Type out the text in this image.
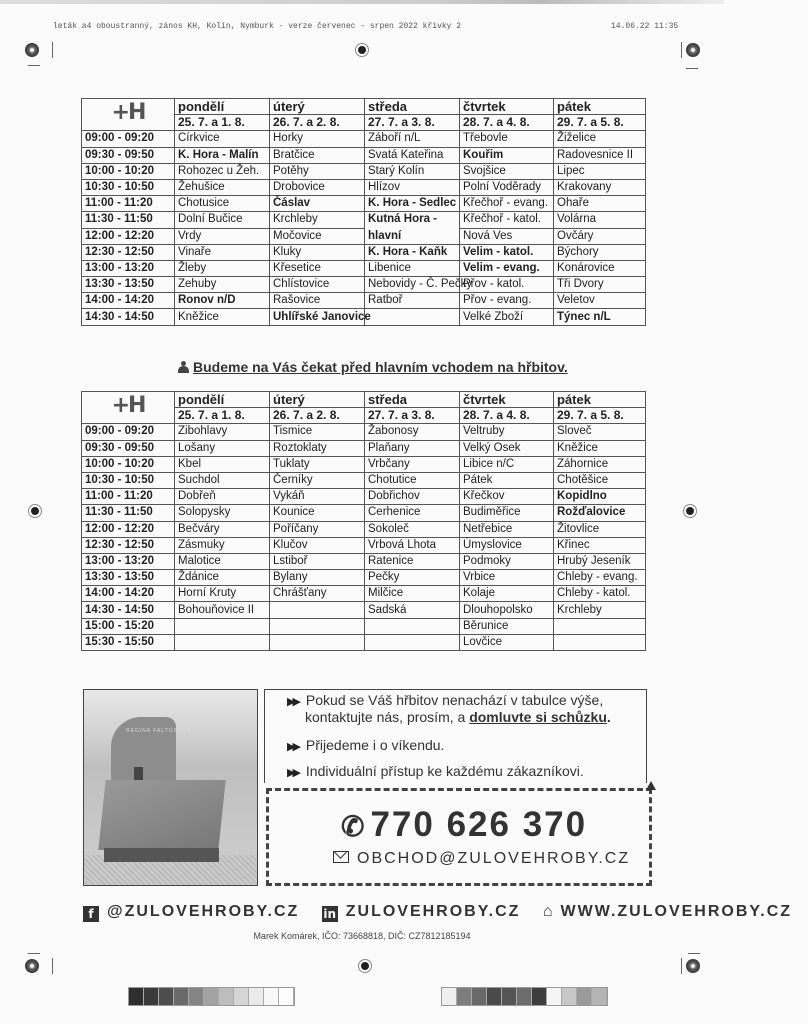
leták a4 oboustranný, zános KH, Kolín, Nymburk - verze červenec - srpen 2022 křivky 2	14.06.22 11:35
+H	pondělí	úterý	středa	čtvrtek	pátek
25. 7. a 1. 8.	26. 7. a 2. 8.	27. 7. a 3. 8.	28. 7. a 4. 8.	29. 7. a 5. 8.
09:00 - 09:20	Církvice	Horky	Záboří n/L	Třebovle	Žiželice
09:30 - 09:50	K. Hora - Malín	Bratčice	Svatá Kateřina	Kouřim	Radovesnice II
10:00 - 10:20	Rohozec u Žeh.	Potěhy	Starý Kolín	Svojšice	Lipec
10:30 - 10:50	Žehušice	Drobovice	Hlízov	Polní Voděrady	Krakovany
11:00 - 11:20	Chotusice	Čáslav	K. Hora - Sedlec	Křečhoř - evang.	Ohaře
11:30 - 11:50	Dolní Bučice	Krchleby	Kutná Hora -	Křečhoř - katol.	Volárna
12:00 - 12:20	Vrdy	Močovice	hlavní	Nová Ves	Ovčáry
12:30 - 12:50	Vinaře	Kluky	K. Hora - Kaňk	Velim - katol.	Býchory
13:00 - 13:20	Žleby	Křesetice	Libenice	Velim - evang.	Konárovice
13:30 - 13:50	Zehuby	Chlístovice	Nebovidy - Č. Pečky	Přov - katol.	Tři Dvory
14:00 - 14:20	Ronov n/D	Rašovice	Ratboř	Přov - evang.	Veletov
14:30 - 14:50	Kněžice	Uhlířské Janovice		Velké Zboží	Týnec n/L
Budeme na Vás čekat před hlavním vchodem na hřbitov.
+H	pondělí	úterý	středa	čtvrtek	pátek
25. 7. a 1. 8.	26. 7. a 2. 8.	27. 7. a 3. 8.	28. 7. a 4. 8.	29. 7. a 5. 8.
09:00 - 09:20	Zibohlavy	Tismice	Žabonosy	Veltruby	Sloveč
09:30 - 09:50	Lošany	Roztoklaty	Plaňany	Velký Osek	Kněžice
10:00 - 10:20	Kbel	Tuklaty	Vrbčany	Libice n/C	Záhornice
10:30 - 10:50	Suchdol	Černíky	Chotutice	Pátek	Chotěšice
11:00 - 11:20	Dobřeň	Vykáň	Dobřichov	Křečkov	Kopidlno
11:30 - 11:50	Solopysky	Kounice	Cerhenice	Budiměřice	Rožďalovice
12:00 - 12:20	Bečváry	Poříčany	Sokoleč	Netřebice	Žitovlice
12:30 - 12:50	Zásmuky	Klučov	Vrbová Lhota	Úmyslovice	Křinec
13:00 - 13:20	Malotice	Lstiboř	Ratenice	Podmoky	Hrubý Jeseník
13:30 - 13:50	Ždánice	Bylany	Pečky	Vrbice	Chleby - evang.
14:00 - 14:20	Horní Kruty	Chrášťany	Milčice	Kolaje	Chleby - katol.
14:30 - 14:50	Bohouňovice II		Sadská	Dlouhopolsko	Krchleby
15:00 - 15:20				Běrunice	
15:30 - 15:50				Lovčice	
REGINA FALTUSOVÁ
▶▶ Pokud se Váš hřbitov nenachází v tabulce výše,
kontaktujte nás, prosím, a domluvte si schůzku.
▶▶ Přijedeme i o víkendu.
▶▶ Individuální přístup ke každému zákazníkovi.
✆ 770 626 370
OBCHOD@ZULOVEHROBY.CZ
f @ZULOVEHROBY.CZ in ZULOVEHROBY.CZ ⌂ WWW.ZULOVEHROBY.CZ
Marek Komárek, IČO: 73668818, DIČ: CZ7812185194
